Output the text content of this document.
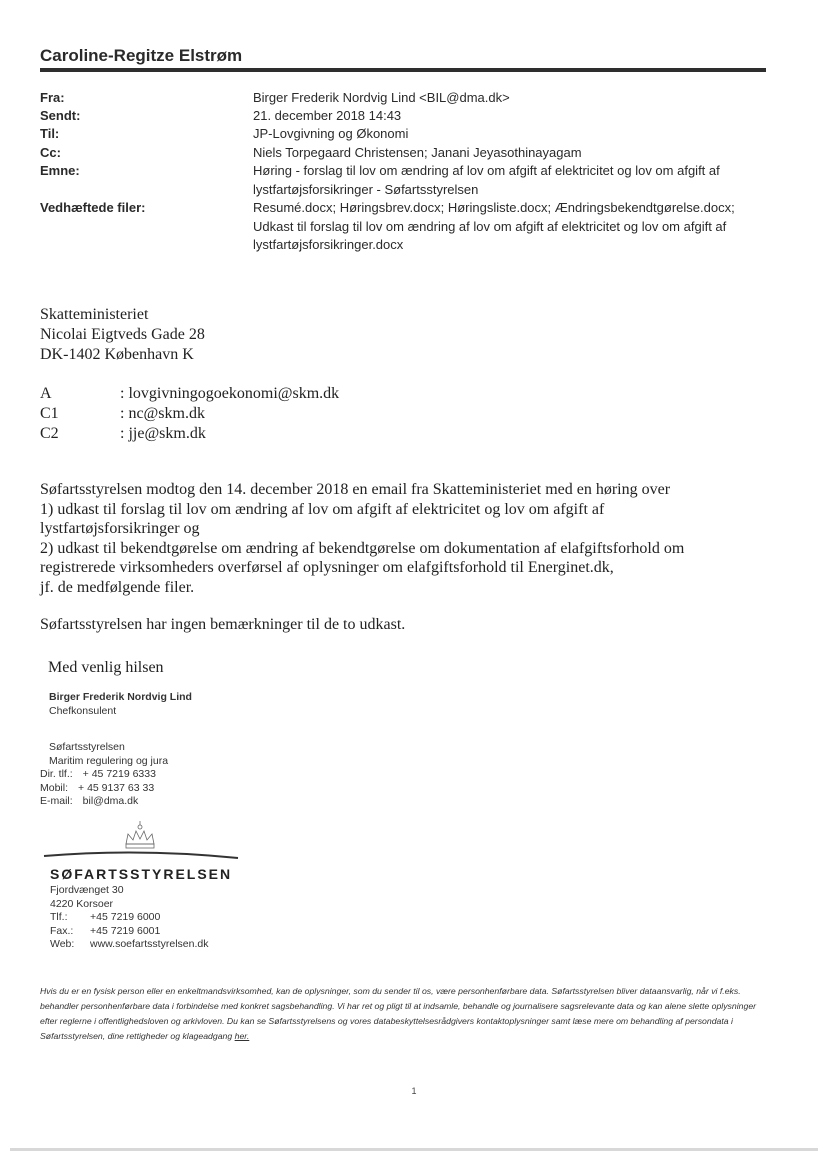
Caroline-Regitze Elstrøm
Fra:	Birger Frederik Nordvig Lind <BIL@dma.dk>
Sendt:	21. december 2018 14:43
Til:	JP-Lovgivning og Økonomi
Cc:	Niels Torpegaard Christensen; Janani Jeyasothinayagam
Emne:	Høring - forslag til lov om ændring af lov om afgift af elektricitet og lov om afgift af lystfartøjsforsikringer - Søfartsstyrelsen
Vedhæftede filer:	Resumé.docx; Høringsbrev.docx; Høringsliste.docx; Ændringsbekendtgørelse.docx; Udkast til forslag til lov om ændring af lov om afgift af elektricitet og lov om afgift af lystfartøjsforsikringer.docx
Skatteministeriet
Nicolai Eigtveds Gade 28
DK-1402 København K
A	: lovgivningogoekonomi@skm.dk
C1	: nc@skm.dk
C2	: jje@skm.dk

Søfartsstyrelsen modtog den 14. december 2018 en email fra Skatteministeriet med en høring over

1) udkast til forslag til lov om ændring af lov om afgift af elektricitet og lov om afgift af lystfartøjsforsikringer og

2) udkast til bekendtgørelse om ændring af bekendtgørelse om dokumentation af elafgiftsforhold om registrerede virksomheders overførsel af oplysninger om elafgiftsforhold til Energinet.dk,

jf. de medfølgende filer.

Søfartsstyrelsen har ingen bemærkninger til de to udkast.

Med venlig hilsen
Birger Frederik Nordvig Lind
Chefkonsulent
Søfartsstyrelsen
Maritim regulering og jura
Dir. tlf.: + 45 7219 6333
Mobil: + 45 9137 63 33
E-mail: bil@dma.dk
SØFARTSSTYRELSEN
Fjordvænget 30
4220 Korsoer
Tlf.: +45 7219 6000
Fax.: +45 7219 6001
Web: www.soefartsstyrelsen.dk
Hvis du er en fysisk person eller en enkeltmandsvirksomhed, kan de oplysninger, som du sender til os, være personhenførbare data. Søfartsstyrelsen bliver dataansvarlig, når vi f.eks. behandler personhenførbare data i forbindelse med konkret sagsbehandling. Vi har ret og pligt til at indsamle, behandle og journalisere sagsrelevante data og kan alene slette oplysninger efter reglerne i offentlighedsloven og arkivloven. Du kan se Søfartsstyrelsens og vores databeskyttelsesrådgivers kontaktoplysninger samt læse mere om behandling af persondata i Søfartsstyrelsen, dine rettigheder og klageadgang her.
1
